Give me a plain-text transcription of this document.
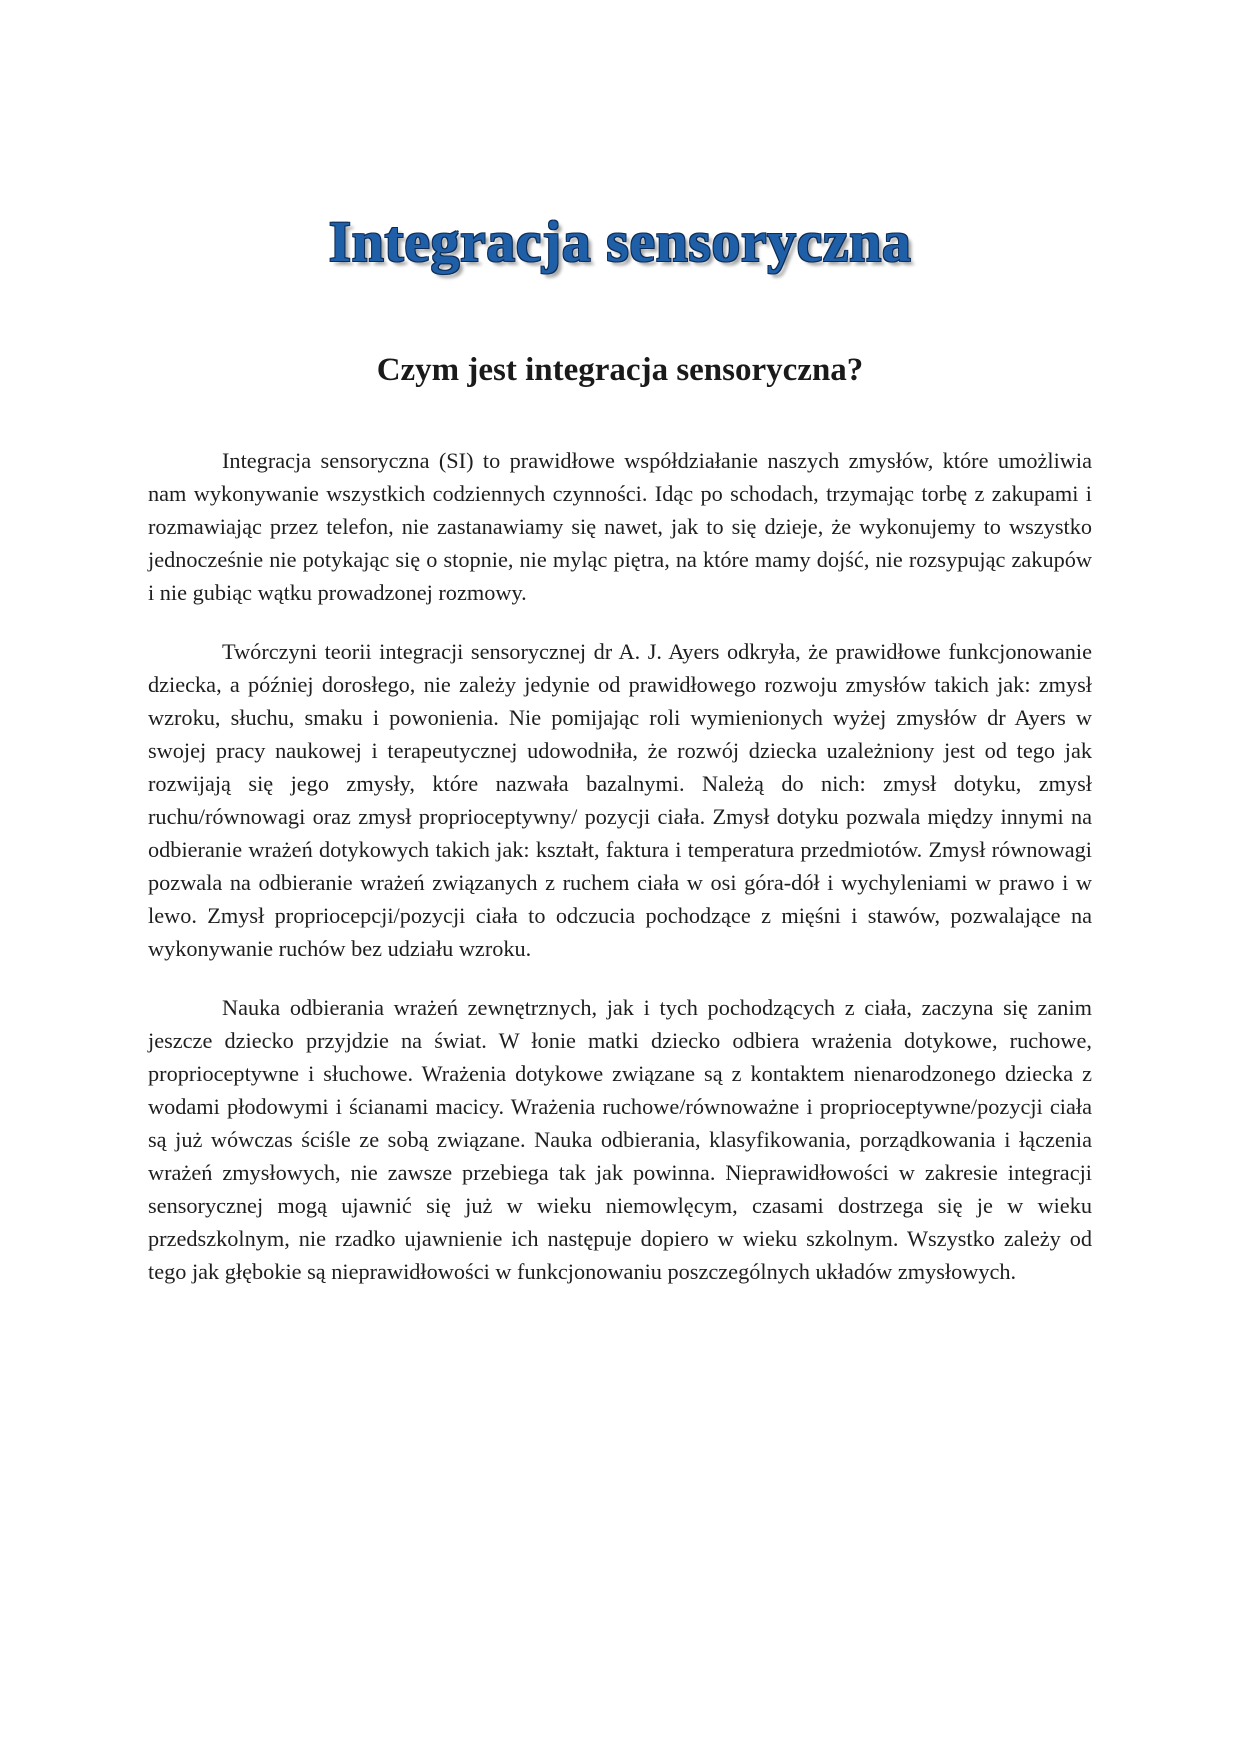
Integracja sensoryczna
Czym jest integracja sensoryczna?

Integracja sensoryczna (SI) to prawidłowe współdziałanie naszych zmysłów, które umożliwia nam wykonywanie wszystkich codziennych czynności. Idąc po schodach, trzymając torbę z zakupami i rozmawiając przez telefon, nie zastanawiamy się nawet, jak to się dzieje, że wykonujemy to wszystko jednocześnie nie potykając się o stopnie, nie myląc piętra, na które mamy dojść, nie rozsypując zakupów i nie gubiąc wątku prowadzonej rozmowy.

Twórczyni teorii integracji sensorycznej dr A. J. Ayers odkryła, że prawidłowe funkcjonowanie dziecka, a później dorosłego, nie zależy jedynie od prawidłowego rozwoju zmysłów takich jak: zmysł wzroku, słuchu, smaku i powonienia. Nie pomijając roli wymienionych wyżej zmysłów dr Ayers w swojej pracy naukowej i terapeutycznej udowodniła, że rozwój dziecka uzależniony jest od tego jak rozwijają się jego zmysły, które nazwała bazalnymi. Należą do nich: zmysł dotyku, zmysł ruchu/równowagi oraz zmysł proprioceptywny/ pozycji ciała. Zmysł dotyku pozwala między innymi na odbieranie wrażeń dotykowych takich jak: kształt, faktura i temperatura przedmiotów. Zmysł równowagi pozwala na odbieranie wrażeń związanych z ruchem ciała w osi góra-dół i wychyleniami w prawo i w lewo. Zmysł propriocepcji/pozycji ciała to odczucia pochodzące z mięśni i stawów, pozwalające na wykonywanie ruchów bez udziału wzroku.

Nauka odbierania wrażeń zewnętrznych, jak i tych pochodzących z ciała, zaczyna się zanim jeszcze dziecko przyjdzie na świat. W łonie matki dziecko odbiera wrażenia dotykowe, ruchowe, proprioceptywne i słuchowe. Wrażenia dotykowe związane są z kontaktem nienarodzonego dziecka z wodami płodowymi i ścianami macicy. Wrażenia ruchowe/równoważne i proprioceptywne/pozycji ciała są już wówczas ściśle ze sobą związane. Nauka odbierania, klasyfikowania, porządkowania i łączenia wrażeń zmysłowych, nie zawsze przebiega tak jak powinna. Nieprawidłowości w zakresie integracji sensorycznej mogą ujawnić się już w wieku niemowlęcym, czasami dostrzega się je w wieku przedszkolnym, nie rzadko ujawnienie ich następuje dopiero w wieku szkolnym. Wszystko zależy od tego jak głębokie są nieprawidłowości w funkcjonowaniu poszczególnych układów zmysłowych.
